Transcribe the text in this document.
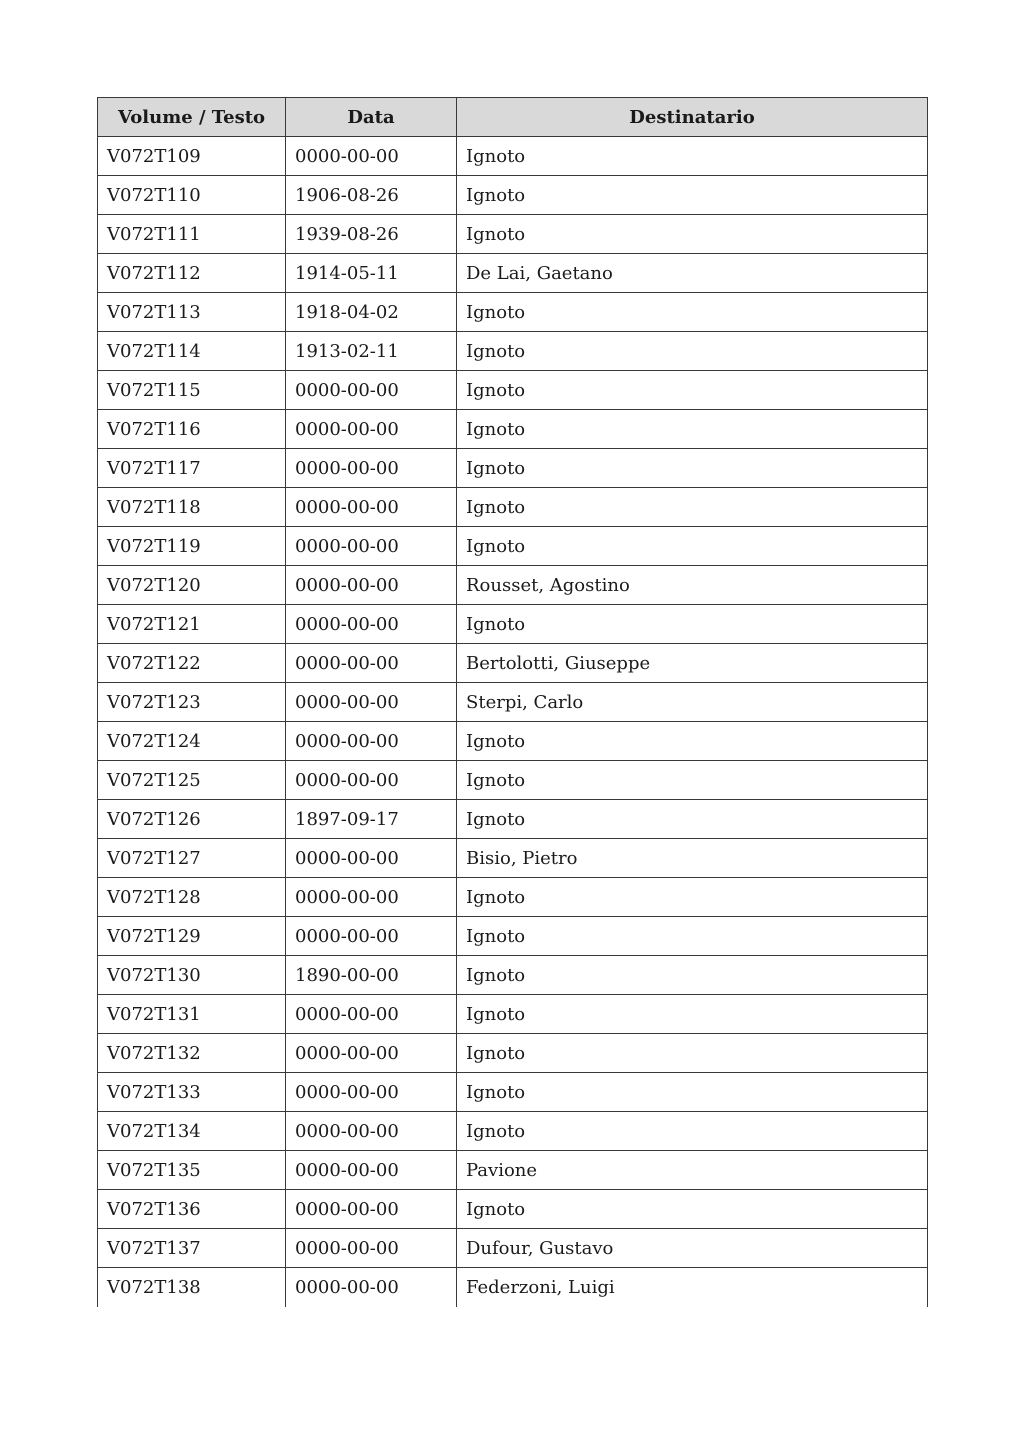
Volume / Testo	Data	Destinatario
V072T109	0000-00-00	Ignoto
V072T110	1906-08-26	Ignoto
V072T111	1939-08-26	Ignoto
V072T112	1914-05-11	De Lai, Gaetano
V072T113	1918-04-02	Ignoto
V072T114	1913-02-11	Ignoto
V072T115	0000-00-00	Ignoto
V072T116	0000-00-00	Ignoto
V072T117	0000-00-00	Ignoto
V072T118	0000-00-00	Ignoto
V072T119	0000-00-00	Ignoto
V072T120	0000-00-00	Rousset, Agostino
V072T121	0000-00-00	Ignoto
V072T122	0000-00-00	Bertolotti, Giuseppe
V072T123	0000-00-00	Sterpi, Carlo
V072T124	0000-00-00	Ignoto
V072T125	0000-00-00	Ignoto
V072T126	1897-09-17	Ignoto
V072T127	0000-00-00	Bisio, Pietro
V072T128	0000-00-00	Ignoto
V072T129	0000-00-00	Ignoto
V072T130	1890-00-00	Ignoto
V072T131	0000-00-00	Ignoto
V072T132	0000-00-00	Ignoto
V072T133	0000-00-00	Ignoto
V072T134	0000-00-00	Ignoto
V072T135	0000-00-00	Pavione
V072T136	0000-00-00	Ignoto
V072T137	0000-00-00	Dufour, Gustavo
V072T138	0000-00-00	Federzoni, Luigi
